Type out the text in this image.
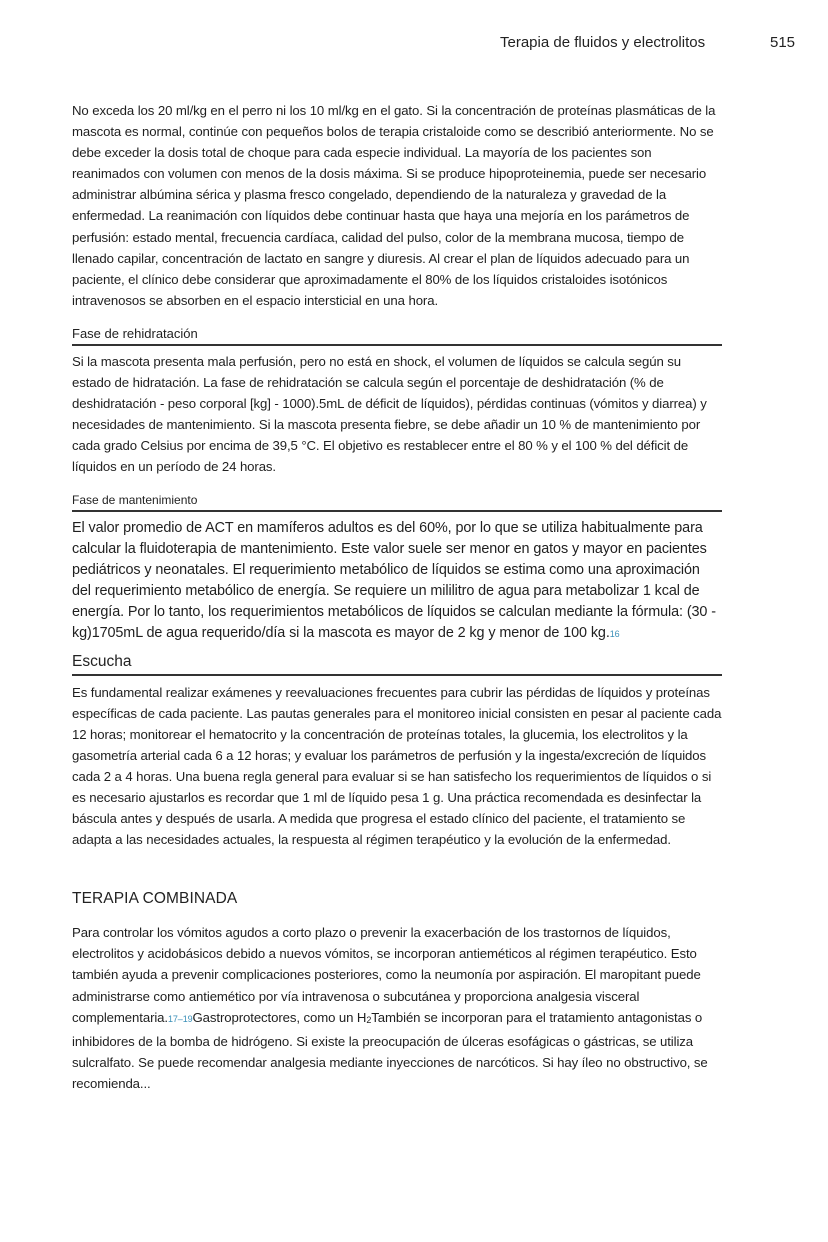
Terapia de fluidos y electrolitos	515

No exceda los 20 ml/kg en el perro ni los 10 ml/kg en el gato. Si la concentración de proteínas plasmáticas de la mascota es normal, continúe con pequeños bolos de terapia cristaloide como se describió anteriormente. No se debe exceder la dosis total de choque para cada especie individual. La mayoría de los pacientes son reanimados con volumen con menos de la dosis máxima. Si se produce hipoproteinemia, puede ser necesario administrar albúmina sérica y plasma fresco congelado, dependiendo de la naturaleza y gravedad de la enfermedad. La reanimación con líquidos debe continuar hasta que haya una mejoría en los parámetros de perfusión: estado mental, frecuencia cardíaca, calidad del pulso, color de la membrana mucosa, tiempo de llenado capilar, concentración de lactato en sangre y diuresis. Al crear el plan de líquidos adecuado para un paciente, el clínico debe considerar que aproximadamente el 80% de los líquidos cristaloides isotónicos intravenosos se absorben en el espacio intersticial en una hora.

Fase de rehidratación

Si la mascota presenta mala perfusión, pero no está en shock, el volumen de líquidos se calcula según su estado de hidratación. La fase de rehidratación se calcula según el porcentaje de deshidratación (% de deshidratación - peso corporal [kg] - 1000).5mL de déficit de líquidos), pérdidas continuas (vómitos y diarrea) y necesidades de mantenimiento. Si la mascota presenta fiebre, se debe añadir un 10 % de mantenimiento por cada grado Celsius por encima de 39,5 °C. El objetivo es restablecer entre el 80 % y el 100 % del déficit de líquidos en un período de 24 horas.

Fase de mantenimiento

El valor promedio de ACT en mamíferos adultos es del 60%, por lo que se utiliza habitualmente para calcular la fluidoterapia de mantenimiento. Este valor suele ser menor en gatos y mayor en pacientes pediátricos y neonatales. El requerimiento metabólico de líquidos se estima como una aproximación del requerimiento metabólico de energía. Se requiere un mililitro de agua para metabolizar 1 kcal de energía. Por lo tanto, los requerimientos metabólicos de líquidos se calculan mediante la fórmula: (30 - kg)1705mL de agua requerido/día si la mascota es mayor de 2 kg y menor de 100 kg.16

Escucha

Es fundamental realizar exámenes y reevaluaciones frecuentes para cubrir las pérdidas de líquidos y proteínas específicas de cada paciente. Las pautas generales para el monitoreo inicial consisten en pesar al paciente cada 12 horas; monitorear el hematocrito y la concentración de proteínas totales, la glucemia, los electrolitos y la gasometría arterial cada 6 a 12 horas; y evaluar los parámetros de perfusión y la ingesta/excreción de líquidos cada 2 a 4 horas. Una buena regla general para evaluar si se han satisfecho los requerimientos de líquidos o si es necesario ajustarlos es recordar que 1 ml de líquido pesa 1 g. Una práctica recomendada es desinfectar la báscula antes y después de usarla. A medida que progresa el estado clínico del paciente, el tratamiento se adapta a las necesidades actuales, la respuesta al régimen terapéutico y la evolución de la enfermedad.

TERAPIA COMBINADA

Para controlar los vómitos agudos a corto plazo o prevenir la exacerbación de los trastornos de líquidos, electrolitos y acidobásicos debido a nuevos vómitos, se incorporan antieméticos al régimen terapéutico. Esto también ayuda a prevenir complicaciones posteriores, como la neumonía por aspiración. El maropitant puede administrarse como antiemético por vía intravenosa o subcutánea y proporciona analgesia visceral complementaria.17–19Gastroprotectores, como un H2También se incorporan para el tratamiento antagonistas o inhibidores de la bomba de hidrógeno. Si existe la preocupación de úlceras esofágicas o gástricas, se utiliza sulcralfato. Se puede recomendar analgesia mediante inyecciones de narcóticos. Si hay íleo no obstructivo, se recomienda...
